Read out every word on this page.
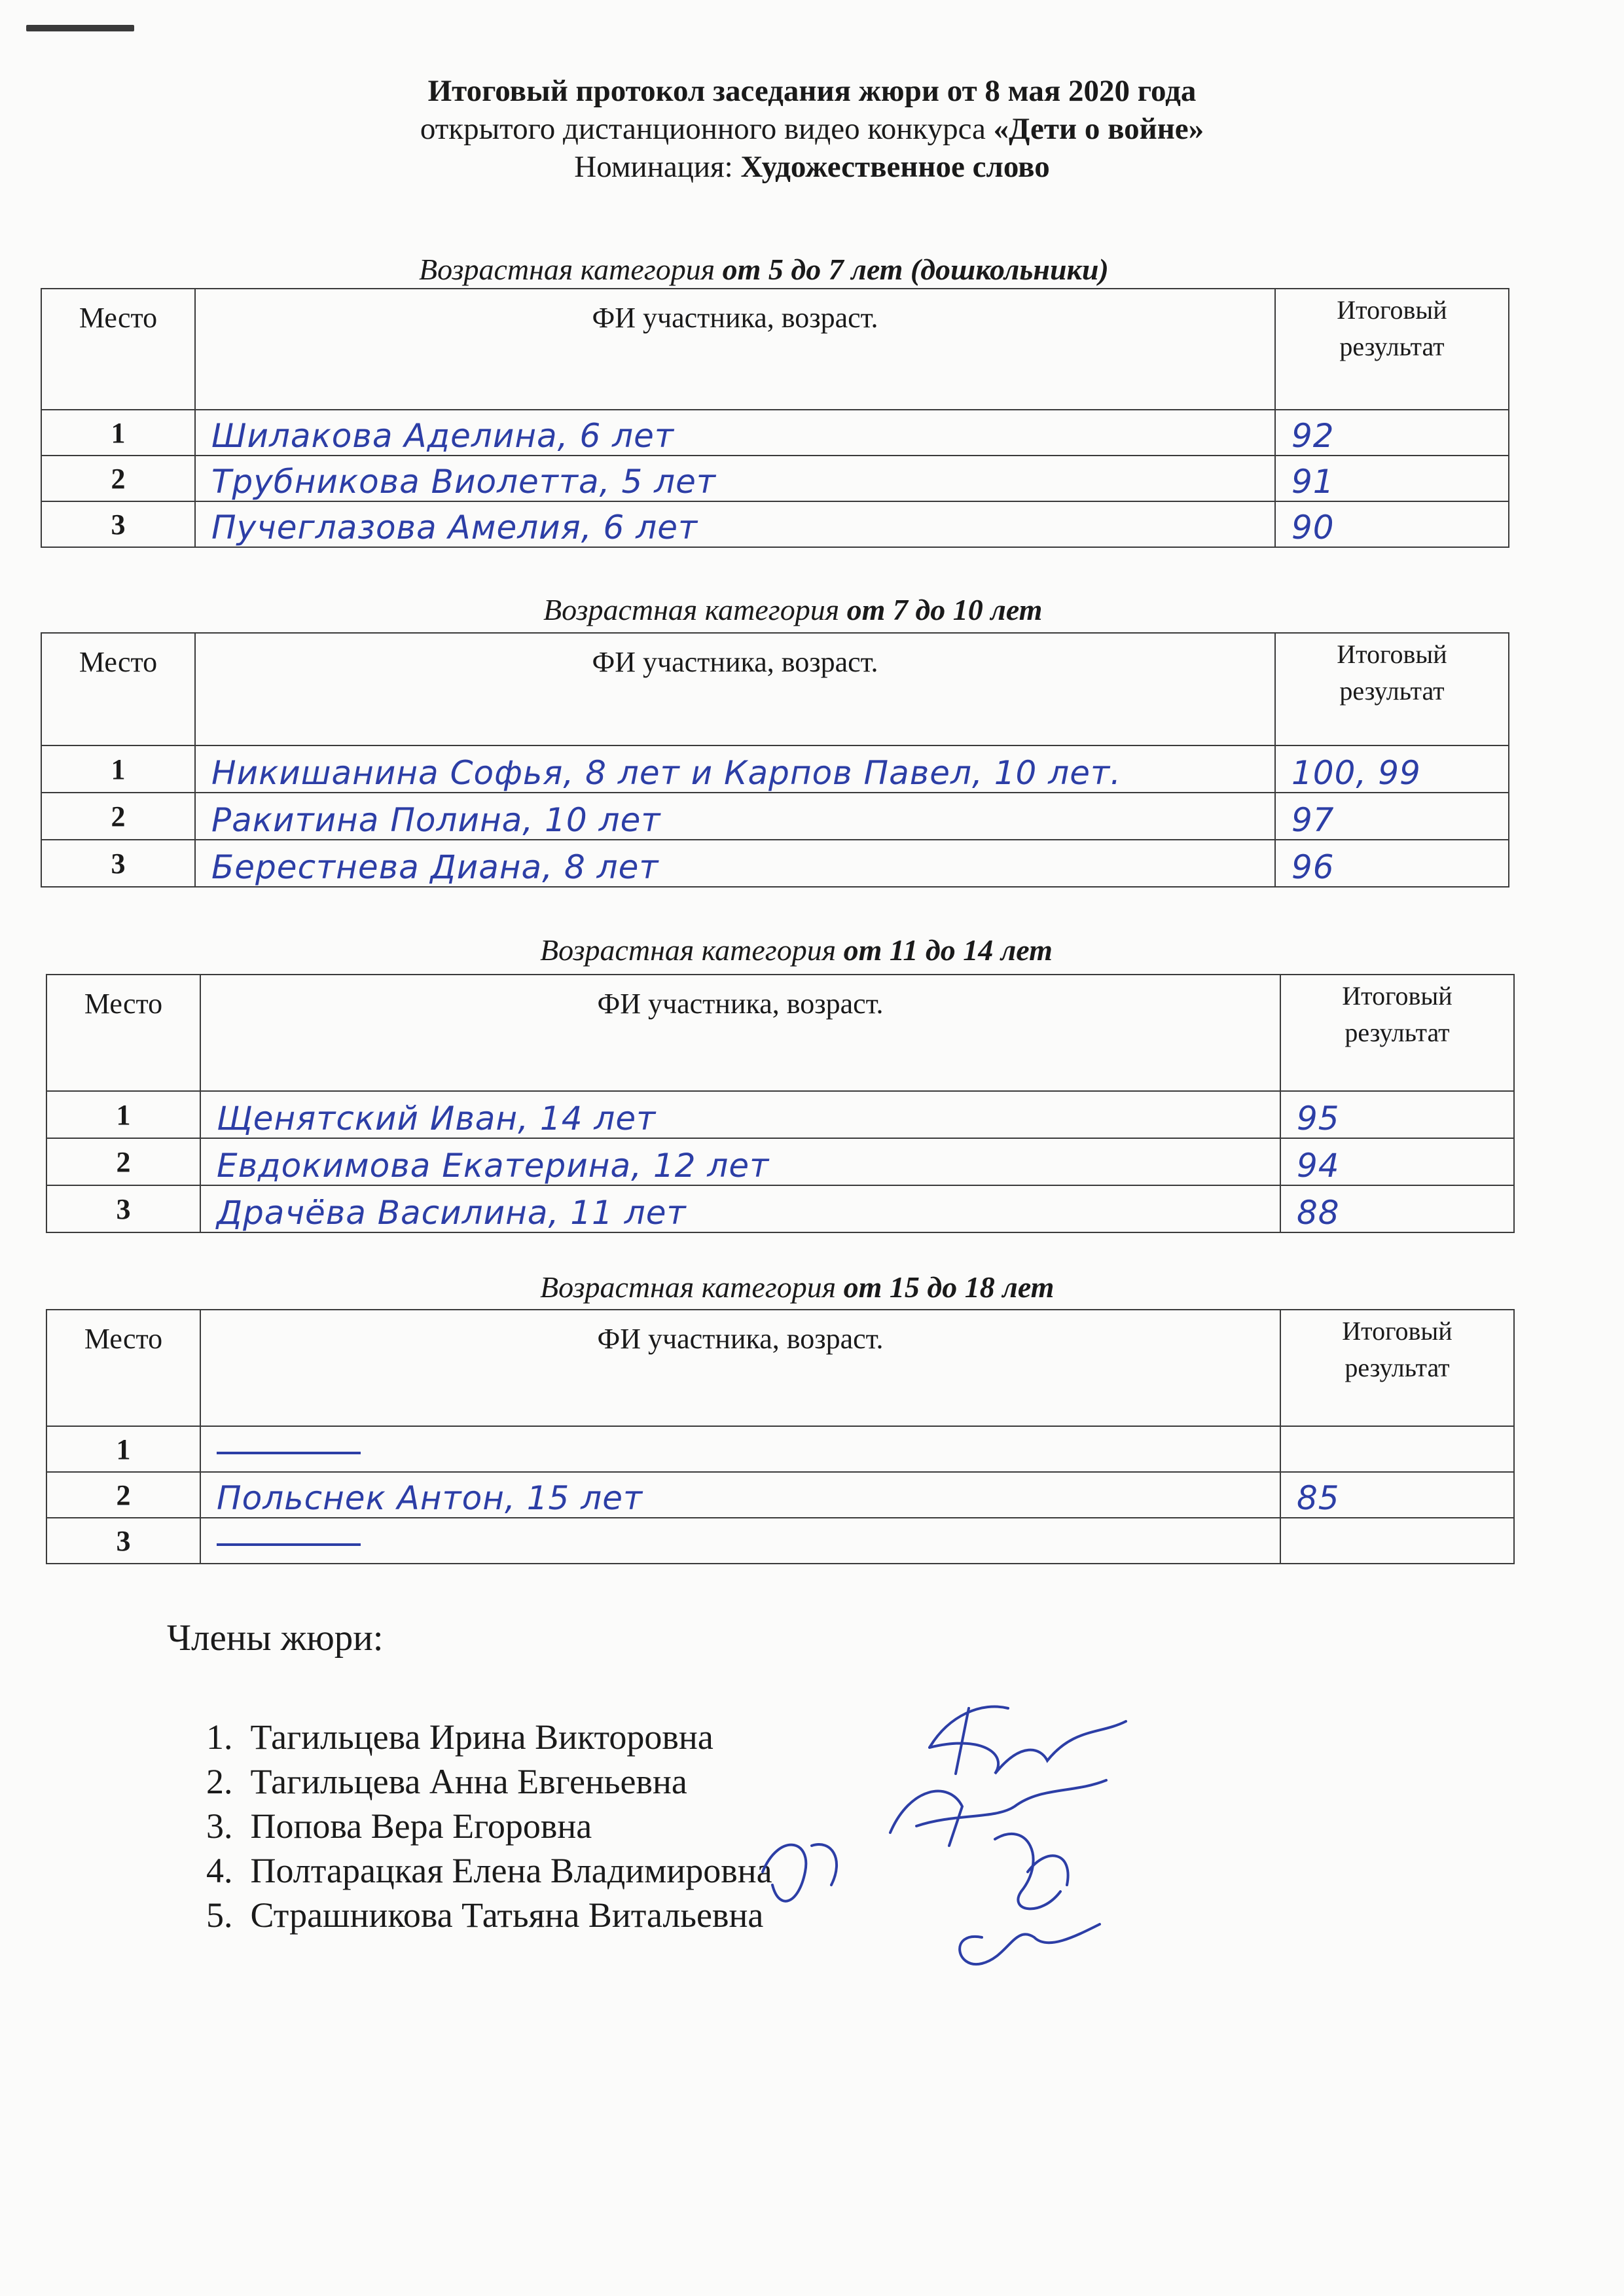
Итоговый протокол заседания жюри от 8 мая 2020 года
открытого дистанционного видео конкурса «Дети о войне»
Номинация: Художественное слово
Возрастная категория от 5 до 7 лет (дошкольники)
Место	ФИ участника, возраст.	Итоговый
результат
1	Шилакова Аделина, 6 лет	92
2	Трубникова Виолетта, 5 лет	91
3	Пучеглазова Амелия, 6 лет	90
Возрастная категория от 7 до 10 лет
Место	ФИ участника, возраст.	Итоговый
результат
1	Никишанина Софья, 8 лет и Карпов Павел, 10 лет.	100, 99
2	Ракитина Полина, 10 лет	97
3	Берестнева Диана, 8 лет	96
Возрастная категория от 11 до 14 лет
Место	ФИ участника, возраст.	Итоговый
результат
1	Щенятский Иван, 14 лет	95
2	Евдокимова Екатерина, 12 лет	94
3	Драчёва Василина, 11 лет	88
Возрастная категория от 15 до 18 лет
Место	ФИ участника, возраст.	Итоговый
результат
1		
2	Польснек Антон, 15 лет	85
3		
Члены жюри:
1. Тагильцева Ирина Викторовна
2. Тагильцева Анна Евгеньевна
3. Попова Вера Егоровна
4. Полтарацкая Елена Владимировна
5. Страшникова Татьяна Витальевна
